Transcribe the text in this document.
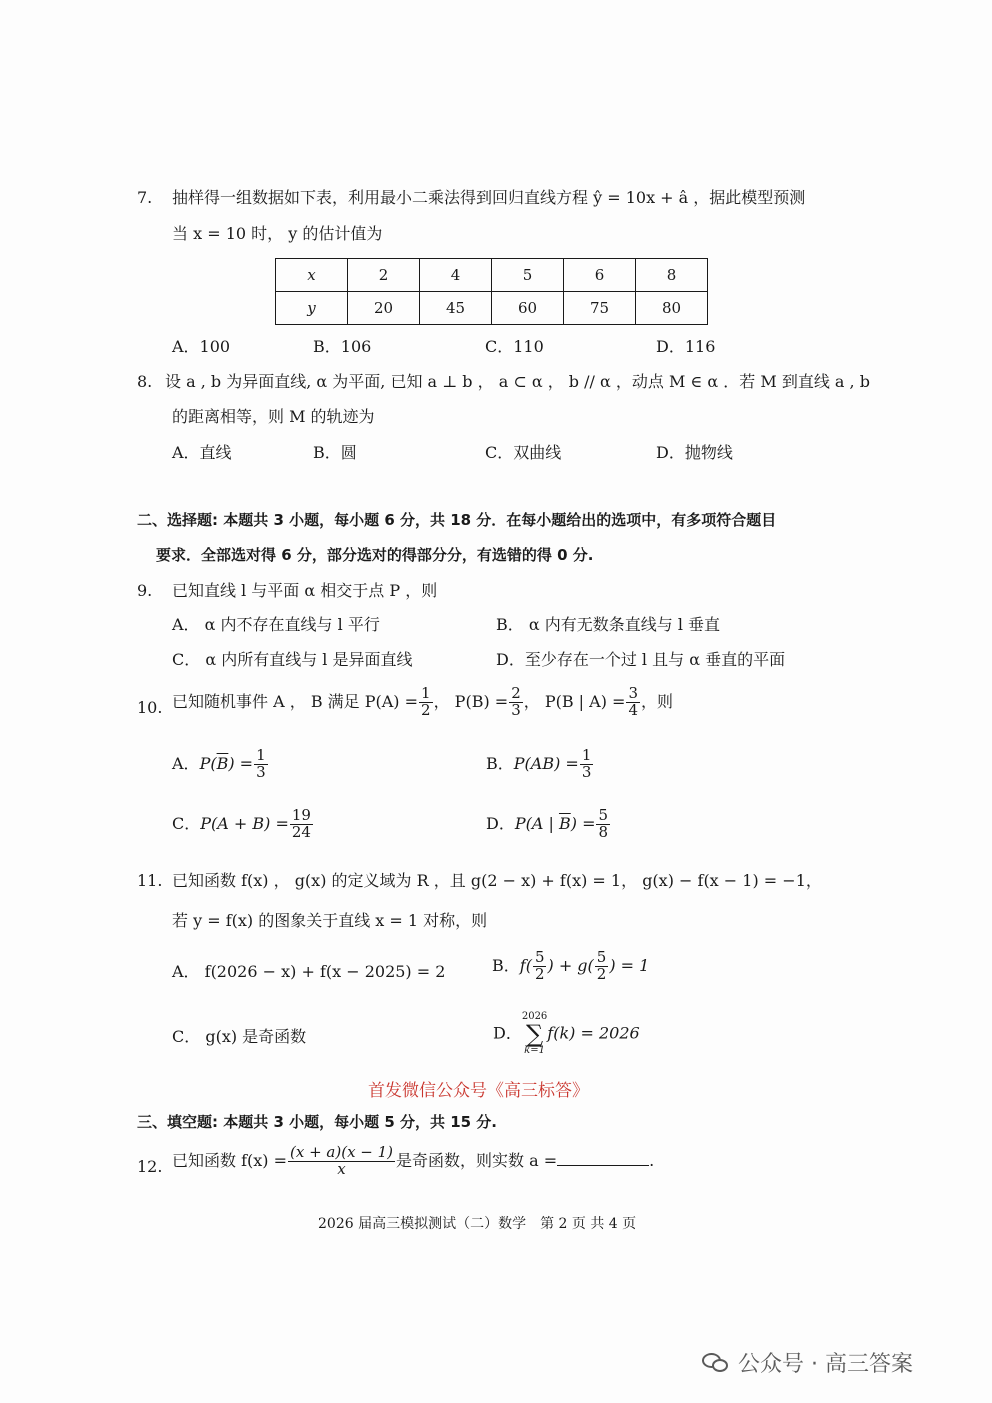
7. 抽样得一组数据如下表，利用最小二乘法得到回归直线方程 ŷ = 10x + â ，据此模型预测
当 x = 10 时， y 的估计值为
x	2	4	5	6	8
y	20	45	60	75	80
A．100	B．106	C．110	D．116
8. 设 a , b 为异面直线, α 为平面, 已知 a ⊥ b ， a ⊂ α ， b // α ，动点 M ∈ α ．若 M 到直线 a , b
的距离相等，则 M 的轨迹为
A．直线	B．圆	C．双曲线	D．抛物线
二、选择题: 本题共 3 小题，每小题 6 分，共 18 分．在每小题给出的选项中，有多项符合题目
要求．全部选对得 6 分，部分选对的得部分分，有选错的得 0 分.
9. 已知直线 l 与平面 α 相交于点 P ，则
A． α 内不存在直线与 l 平行	B． α 内有无数条直线与 l 垂直
C． α 内所有直线与 l 是异面直线	D．至少存在一个过 l 且与 α 垂直的平面
10. 已知随机事件 A ， B 满足 $P(A) = \frac{1}{2}$ ， $P(B) = \frac{2}{3}$ ， P(B | $A) = \frac{3}{4}$ ，则
A．$P(\overline{B}) = \frac{1}{3}$	B．$P(AB) = \frac{1}{3}$
C．$P(A + B) = \frac{19}{24}$	D．P(A | $\overline{B}) = \frac{5}{8}$
11. 已知函数 f(x) ， g(x) 的定义域为 R ，且 g(2 − x) + f(x) = 1， g(x) − f(x − 1) = −1，
若 y = f(x) 的图象关于直线 x = 1 对称，则
A． f(2026 − x) + f(x − 2025) = 2	B．$f( \frac{5}{2}$ ) + $g( \frac{5}{2}$ ) = 1
C． g(x) 是奇函数	D．
2026
∑
k=1
f(k) = 2026
首发微信公众号《高三标答》
三、填空题: 本题共 3 小题，每小题 5 分，共 15 分.
12. 已知函数 $f(x) = \frac{(x + a)(x - 1)}{x}$ 是奇函数，则实数 a =	.
2026 届高三模拟测试（二）数学　第 2 页 共 4 页
公众号 · 高三答案
